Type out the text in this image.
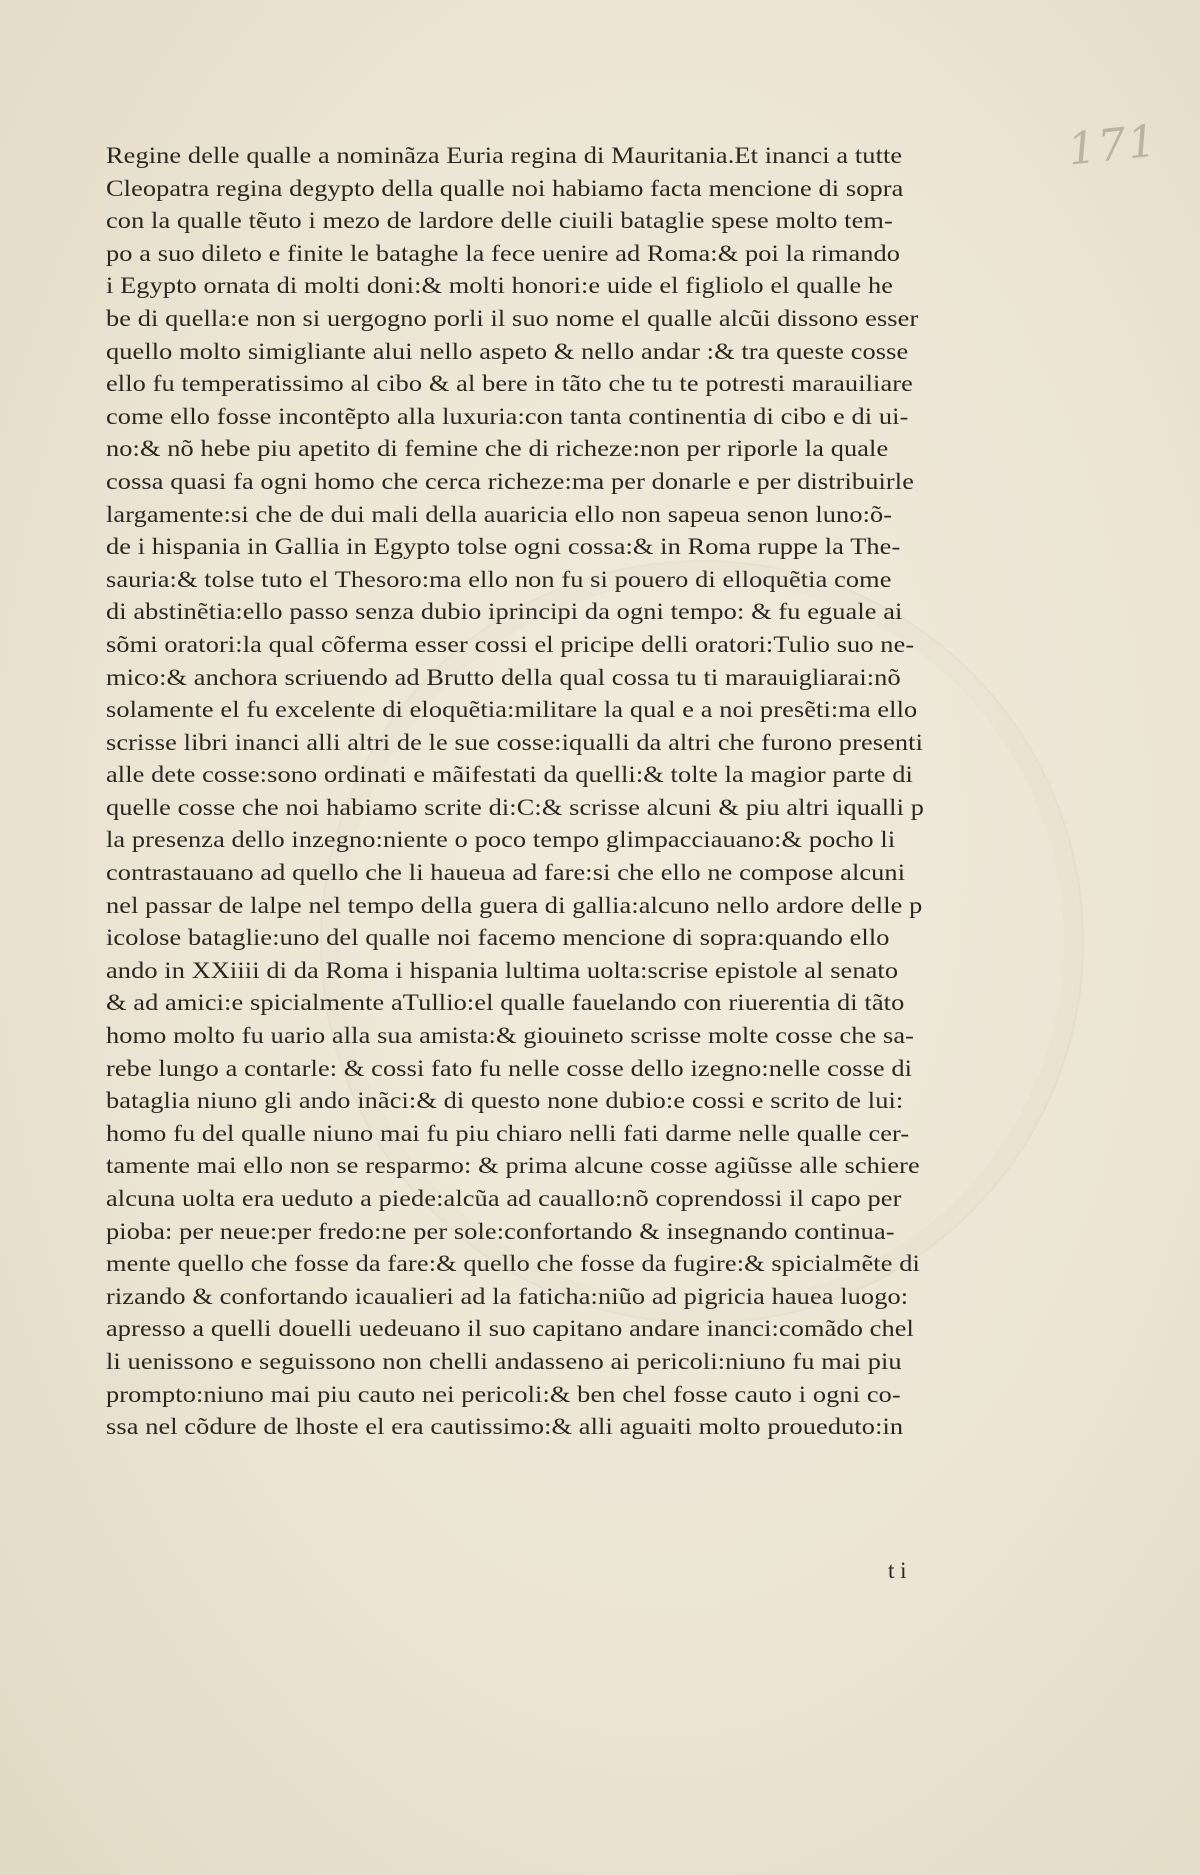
171
Regine delle qualle a nominãza Euria regina di Mauritania.Et inanci a tutte
Cleopatra regina degypto della qualle noi habiamo facta mencione di sopra
con la qualle tẽuto i mezo de lardore delle ciuili bataglie spese molto tem-
po a suo dileto e finite le bataghe la fece uenire ad Roma:& poi la rimando
i Egypto ornata di molti doni:& molti honori:e uide el figliolo el qualle he
be di quella:e non si uergogno porli il suo nome el qualle alcũi dissono esser
quello molto simigliante alui nello aspeto & nello andar :& tra queste cosse
ello fu temperatissimo al cibo & al bere in tãto che tu te potresti marauiliare
come ello fosse incontẽpto alla luxuria:con tanta continentia di cibo e di ui-
no:& nõ hebe piu apetito di femine che di richeze:non per riporle la quale
cossa quasi fa ogni homo che cerca richeze:ma per donarle e per distribuirle
largamente:si che de dui mali della auaricia ello non sapeua senon luno:õ-
de i hispania in Gallia in Egypto tolse ogni cossa:& in Roma ruppe la The-
sauria:& tolse tuto el Thesoro:ma ello non fu si pouero di elloquẽtia come
di abstinẽtia:ello passo senza dubio iprincipi da ogni tempo: & fu eguale ai
sõmi oratori:la qual cõferma esser cossi el pricipe delli oratori:Tulio suo ne-
mico:& anchora scriuendo ad Brutto della qual cossa tu ti marauigliarai:nõ
solamente el fu excelente di eloquẽtia:militare la qual e a noi presẽti:ma ello
scrisse libri inanci alli altri de le sue cosse:iqualli da altri che furono presenti
alle dete cosse:sono ordinati e mãifestati da quelli:& tolte la magior parte di
quelle cosse che noi habiamo scrite di:C:& scrisse alcuni & piu altri iqualli p
la presenza dello inzegno:niente o poco tempo glimpacciauano:& pocho li
contrastauano ad quello che li haueua ad fare:si che ello ne compose alcuni
nel passar de lalpe nel tempo della guera di gallia:alcuno nello ardore delle p
icolose bataglie:uno del qualle noi facemo mencione di sopra:quando ello
ando in XXiiii di da Roma i hispania lultima uolta:scrise epistole al senato
& ad amici:e spicialmente aTullio:el qualle fauelando con riuerentia di tãto
homo molto fu uario alla sua amista:& giouineto scrisse molte cosse che sa-
rebe lungo a contarle: & cossi fato fu nelle cosse dello izegno:nelle cosse di
bataglia niuno gli ando inãci:& di questo none dubio:e cossi e scrito de lui:
homo fu del qualle niuno mai fu piu chiaro nelli fati darme nelle qualle cer-
tamente mai ello non se resparmo: & prima alcune cosse agiũsse alle schiere
alcuna uolta era ueduto a piede:alcũa ad cauallo:nõ coprendossi il capo per
pioba: per neue:per fredo:ne per sole:confortando & insegnando continua-
mente quello che fosse da fare:& quello che fosse da fugire:& spicialmẽte di
rizando & confortando icaualieri ad la faticha:niũo ad pigricia hauea luogo:
apresso a quelli douelli uedeuano il suo capitano andare inanci:comãdo chel
li uenissono e seguissono non chelli andasseno ai pericoli:niuno fu mai piu
prompto:niuno mai piu cauto nei pericoli:& ben chel fosse cauto i ogni co-
ssa nel cõdure de lhoste el era cautissimo:& alli aguaiti molto proueduto:in
t i
